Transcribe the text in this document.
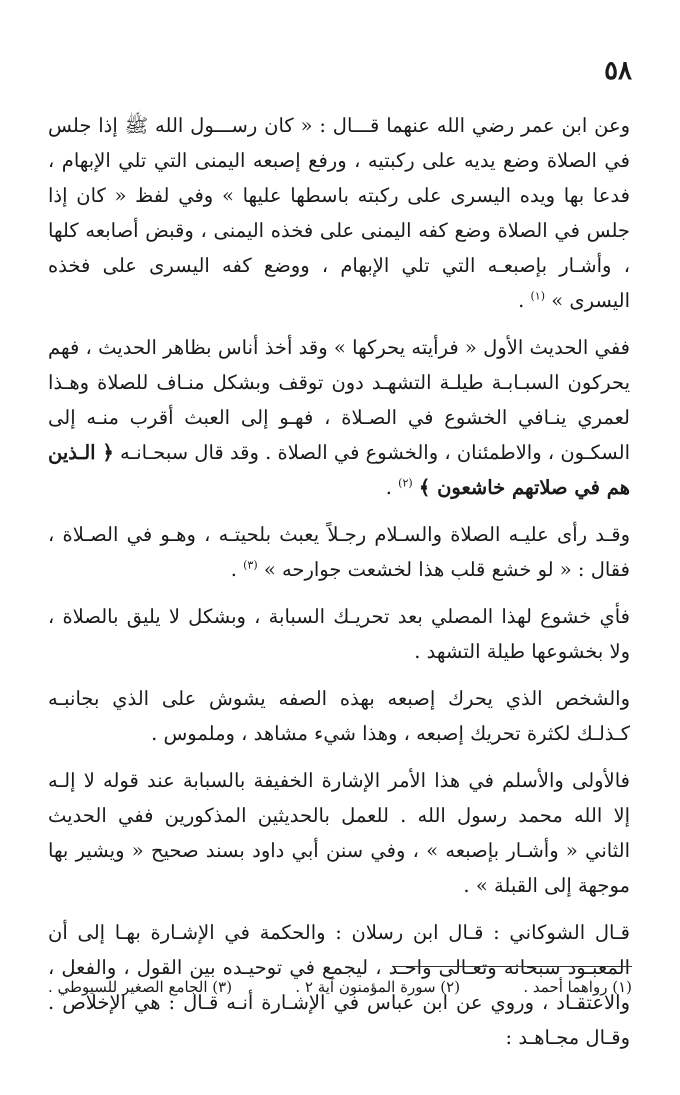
٥٨

وعن ابن عمر رضي الله عنهما قـــال : « كان رســـول الله ﷺ إذا جلس في الصلاة وضع يديه على ركبتيه ، ورفع إصبعه اليمنى التي تلي الإبهام ، فدعا بها ويده اليسرى على ركبته باسطها عليها » وفي لفظ « كان إذا جلس في الصلاة وضع كفه اليمنى على فخذه اليمنى ، وقبض أصابعه كلها ، وأشـار بإصبعـه التي تلي الإبهام ، ووضع كفه اليسرى على فخذه اليسرى » $^{(١)}$ .

ففي الحديث الأول « فرأيته يحركها » وقد أخذ أناس بظاهر الحديث ، فهم يحركون السبـابـة طيلـة التشهـد دون توقف وبشكل منـاف للصلاة وهـذا لعمري ينـافي الخشوع في الصـلاة ، فهـو إلى العبث أقرب منـه إلى السكـون ، والاطمئنان ، والخشوع في الصلاة . وقد قال سبحـانـه ﴿ الـذين هم في صلاتهم خاشعون ﴾ $^{(٢)}$ .

وقـد رأى عليـه الصلاة والسـلام رجـلاً يعبث بلحيتـه ، وهـو في الصـلاة ، فقال : « لو خشع قلب هذا لخشعت جوارحه » $^{(٣)}$ .

فأي خشوع لهذا المصلي بعد تحريـك السبابة ، وبشكل لا يليق بالصلاة ، ولا بخشوعها طيلة التشهد .

والشخص الذي يحرك إصبعه بهذه الصفه يشوش على الذي بجانبـه كـذلـك لكثرة تحريك إصبعه ، وهذا شيء مشاهد ، وملموس .

فالأولى والأسلم في هذا الأمر الإشارة الخفيفة بالسبابة عند قوله لا إلـه إلا الله محمد رسول الله . للعمل بالحديثين المذكورين ففي الحديث الثاني « وأشـار بإصبعه » ، وفي سنن أبي داود بسند صحيح « ويشير بها موجهة إلى القبلة » .

قـال الشوكاني : قـال ابن رسلان : والحكمة في الإشـارة بهـا إلى أن المعبـود سبحانه وتعـالى واحـد ، ليجمع في توحيـده بين القول ، والفعل ، والاعتقـاد ، وروي عن ابن عباس في الإشـارة أنـه قـال : هي الإخلاص . وقـال مجـاهـد :

(١) رواهما أحمد .
(٢) سورة المؤمنون آية ٢ .
(٣) الجامع الصغير للسيوطي .
